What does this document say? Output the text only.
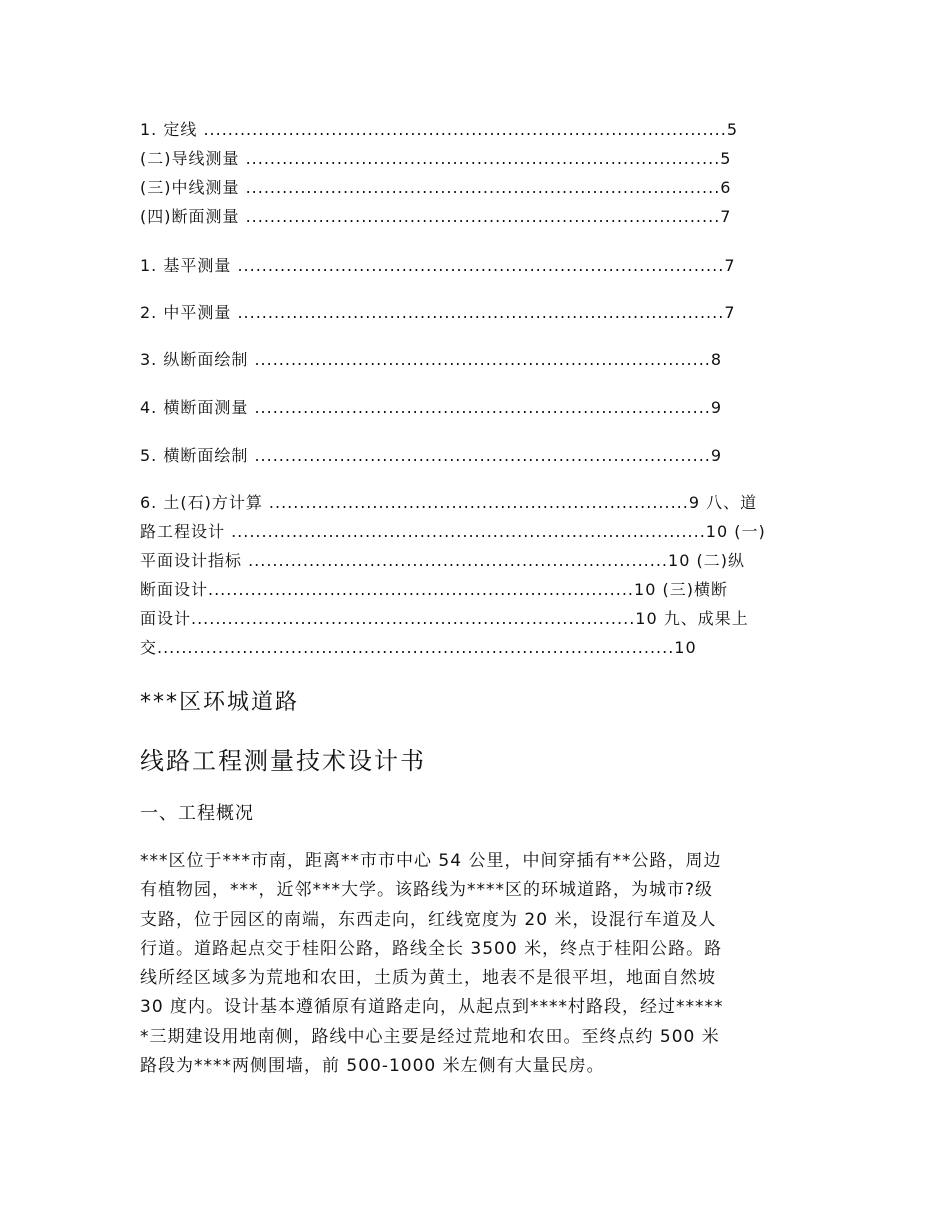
1. 定线 ......................................................................................5
(二)导线测量 ..............................................................................5
(三)中线测量 ..............................................................................6
(四)断面测量 ..............................................................................7
1. 基平测量 ................................................................................7
2. 中平测量 ................................................................................7
3. 纵断面绘制 ...........................................................................8
4. 横断面测量 ...........................................................................9
5. 横断面绘制 ...........................................................................9
6. 土(石)方计算 .....................................................................9 八、道
路工程设计 ..............................................................................10 (一)
平面设计指标 .....................................................................10 (二)纵
断面设计......................................................................10 (三)横断
面设计.........................................................................10 九、成果上
交.....................................................................................10
***区环城道路
线路工程测量技术设计书
一、工程概况
***区位于***市南，距离**市市中心 54 公里，中间穿插有**公路，周边
有植物园，***，近邻***大学。该路线为****区的环城道路，为城市?级
支路，位于园区的南端，东西走向，红线宽度为 20 米，设混行车道及人
行道。道路起点交于桂阳公路，路线全长 3500 米，终点于桂阳公路。路
线所经区域多为荒地和农田，土质为黄土，地表不是很平坦，地面自然坡
30 度内。设计基本遵循原有道路走向，从起点到****村路段，经过*****
*三期建设用地南侧，路线中心主要是经过荒地和农田。至终点约 500 米
路段为****两侧围墙，前 500-1000 米左侧有大量民房。
